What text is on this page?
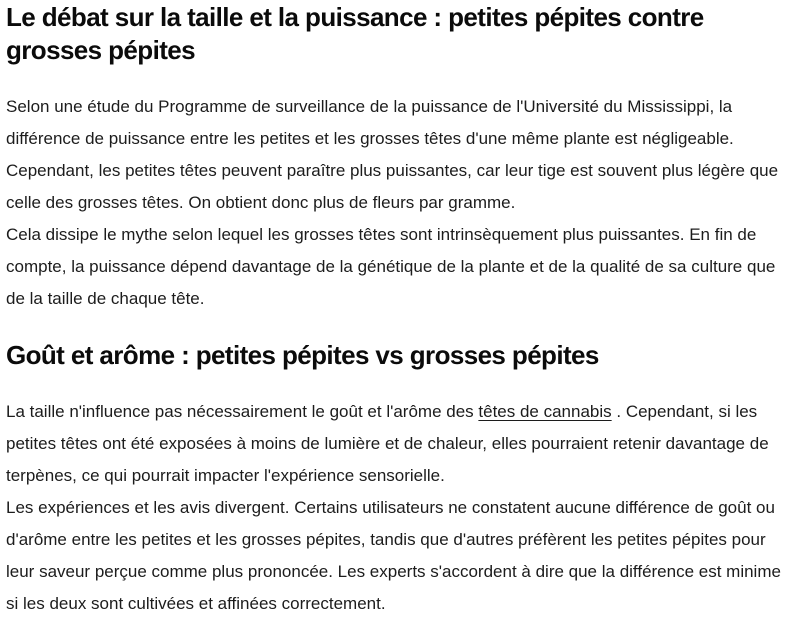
Le débat sur la taille et la puissance : petites pépites contre grosses pépites

Selon une étude du Programme de surveillance de la puissance de l'Université du Mississippi, la différence de puissance entre les petites et les grosses têtes d'une même plante est négligeable. Cependant, les petites têtes peuvent paraître plus puissantes, car leur tige est souvent plus légère que celle des grosses têtes. On obtient donc plus de fleurs par gramme.

Cela dissipe le mythe selon lequel les grosses têtes sont intrinsèquement plus puissantes. En fin de compte, la puissance dépend davantage de la génétique de la plante et de la qualité de sa culture que de la taille de chaque tête.

Goût et arôme : petites pépites vs grosses pépites

La taille n'influence pas nécessairement le goût et l'arôme des têtes de cannabis . Cependant, si les petites têtes ont été exposées à moins de lumière et de chaleur, elles pourraient retenir davantage de terpènes, ce qui pourrait impacter l'expérience sensorielle.

Les expériences et les avis divergent. Certains utilisateurs ne constatent aucune différence de goût ou d'arôme entre les petites et les grosses pépites, tandis que d'autres préfèrent les petites pépites pour leur saveur perçue comme plus prononcée. Les experts s'accordent à dire que la différence est minime si les deux sont cultivées et affinées correctement.
